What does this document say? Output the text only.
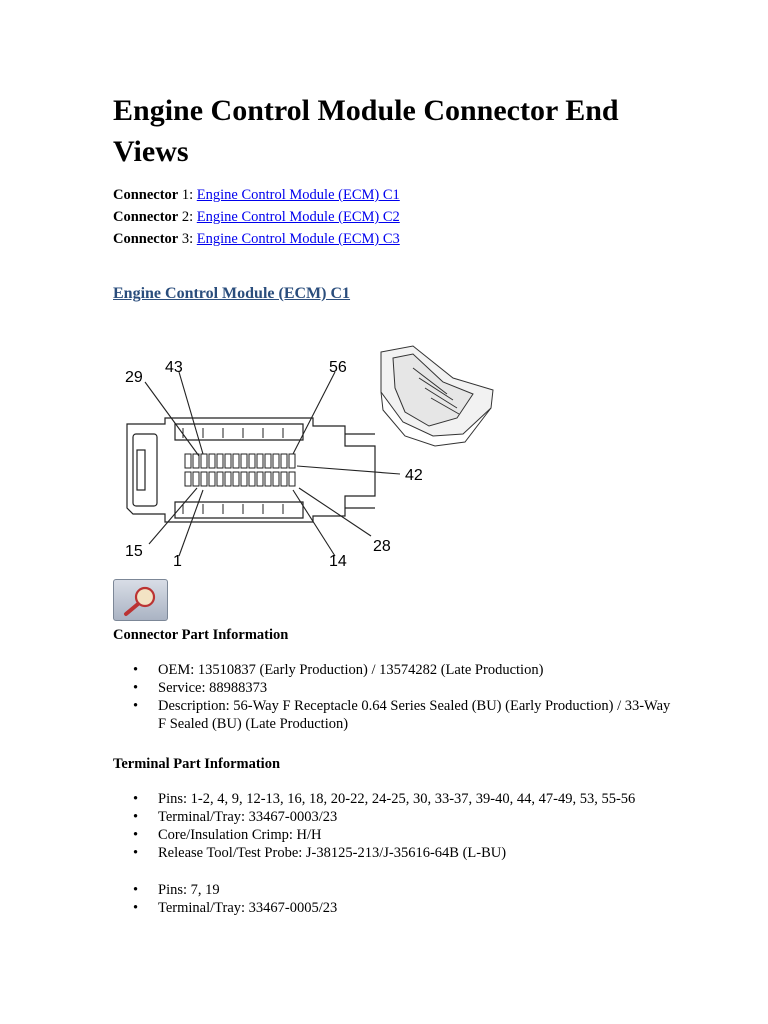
Engine Control Module Connector End Views
Connector 1: Engine Control Module (ECM) C1
Connector 2: Engine Control Module (ECM) C2
Connector 3: Engine Control Module (ECM) C3
Engine Control Module (ECM) C1
29
43	56
42
15
1	14
28
Connector Part Information
• OEM: 13510837 (Early Production) / 13574282 (Late Production)
• Service: 88988373
• Description: 56-Way F Receptacle 0.64 Series Sealed (BU) (Early Production) / 33-Way F Sealed (BU) (Late Production)
Terminal Part Information
• Pins: 1-2, 4, 9, 12-13, 16, 18, 20-22, 24-25, 30, 33-37, 39-40, 44, 47-49, 53, 55-56
• Terminal/Tray: 33467-0003/23
• Core/Insulation Crimp: H/H
• Release Tool/Test Probe: J-38125-213/J-35616-64B (L-BU)
• Pins: 7, 19
• Terminal/Tray: 33467-0005/23
